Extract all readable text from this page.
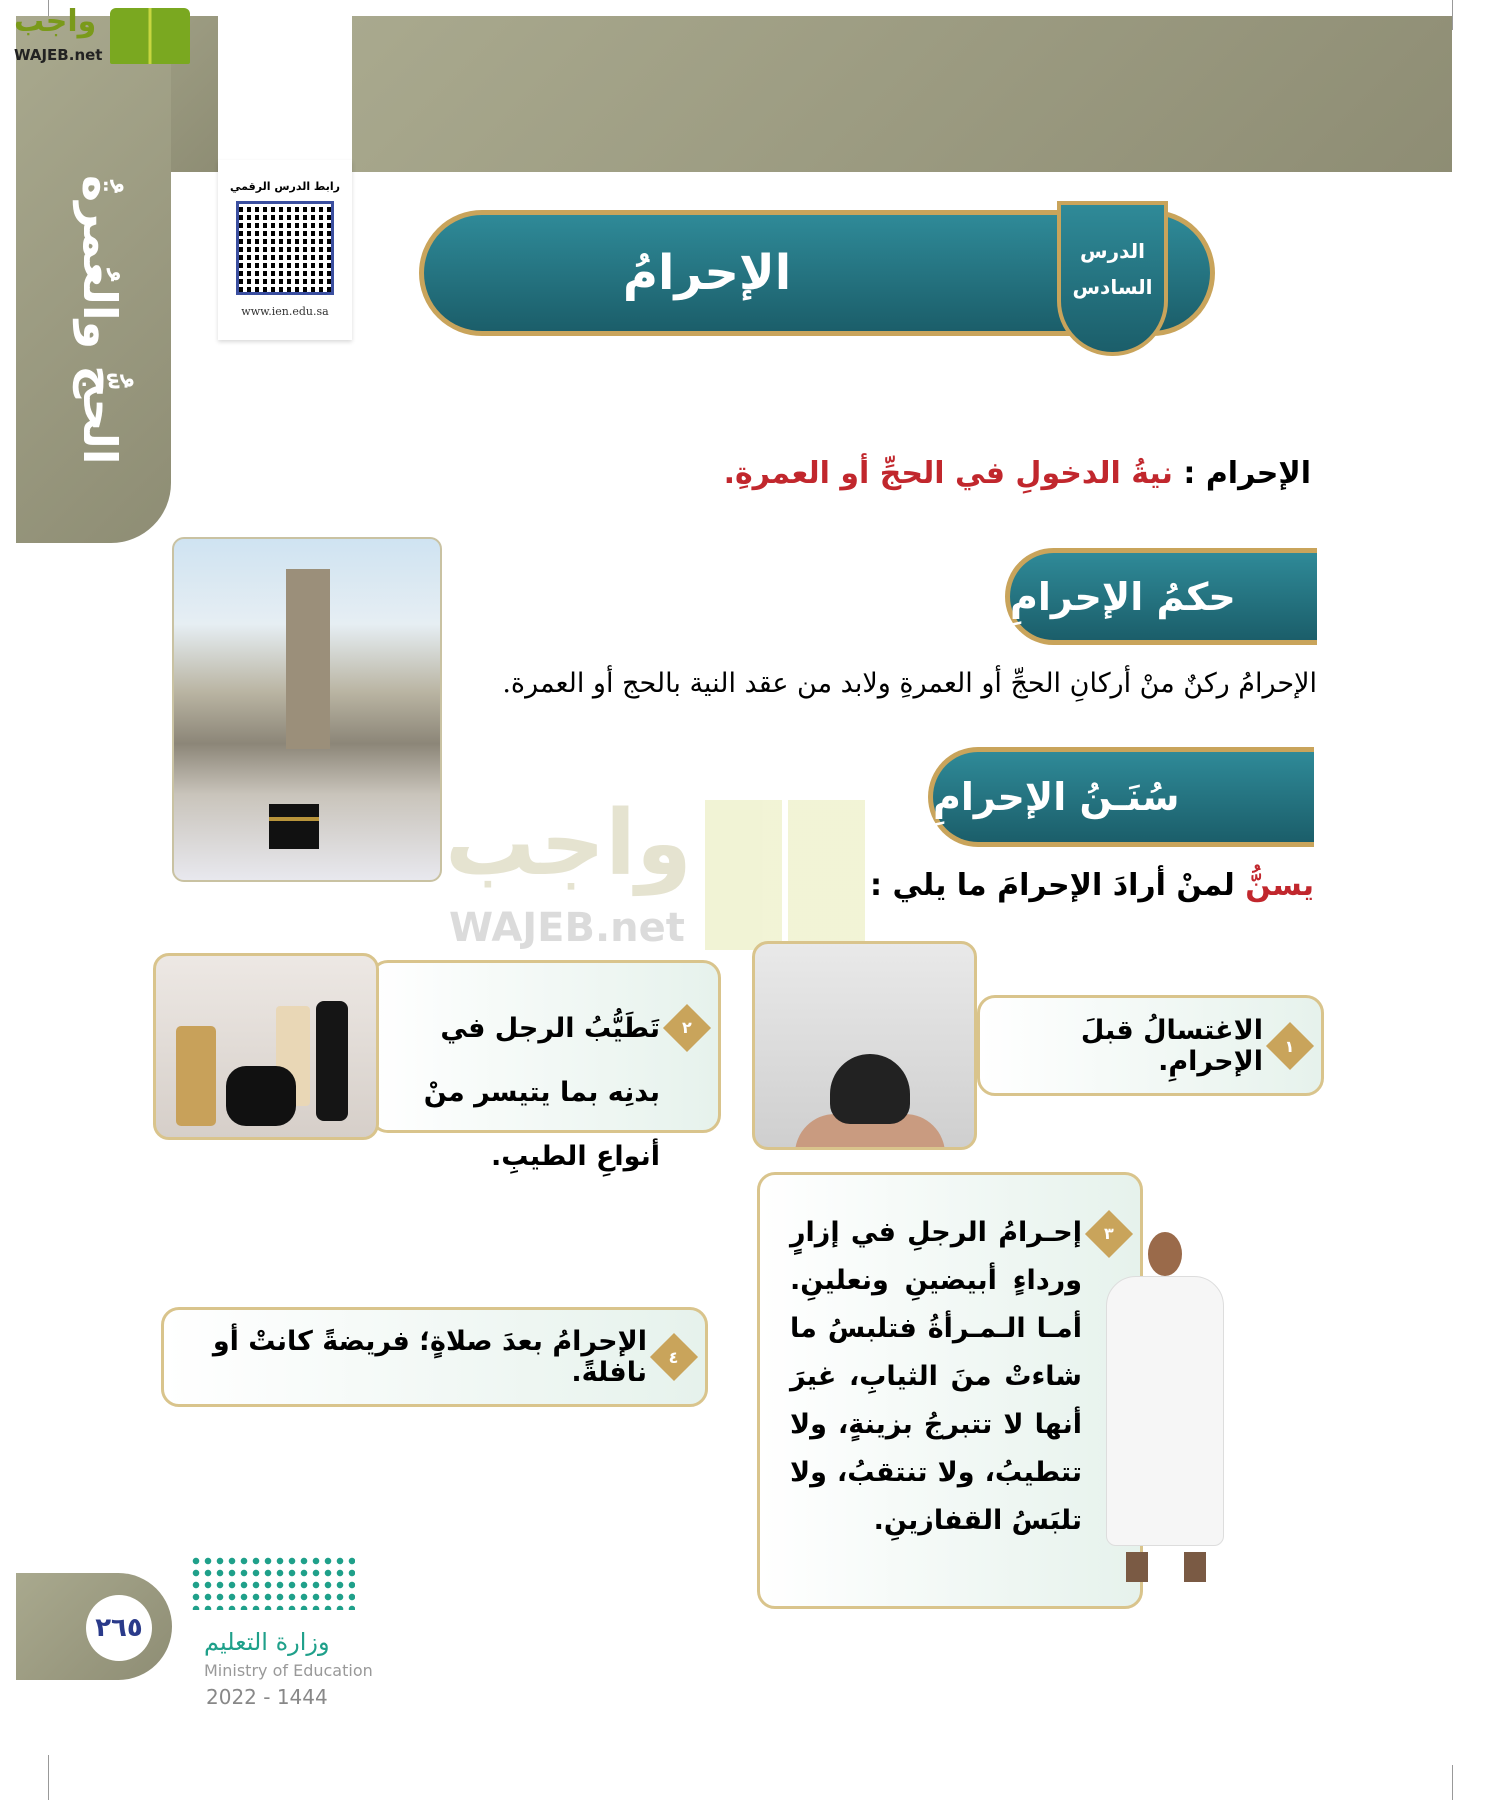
الحجُّ والعُمرةُ
واجب
WAJEB.net
رابط الدرس الرقمي
www.ien.edu.sa
الإحرامُ	الدرس
السادس
الإحرام : نيةُ الدخولِ في الحجِّ أو العمرةِ.
حكمُ الإحرامِ
الإحرامُ ركنٌ منْ أركانِ الحجِّ أو العمرةِ ولابد من عقد النية بالحج أو العمرة.
واجب
WAJEB.net
سُنَـنُ الإحرامِ
يسنُّ لمنْ أرادَ الإحرامَ ما يلي :
١
الاغتسالُ قبلَ الإحرامِ.
٢
تَطَيُّبُ الرجل في بدنِه بما يتيسر منْ أنواعِ الطيبِ.
٣
إحـرامُ الرجلِ في إزارٍ ورداءٍ أبيضينِ ونعلينِ. أمـا الـمـرأةُ فتلبسُ ما شاءتْ منَ الثيابِ، غيرَ أنها لا تتبرجُ بزينةٍ، ولا تتطيبُ، ولا تنتقبُ، ولا تلبَسُ القفازينِ.
٤
الإحرامُ بعدَ صلاةٍ؛ فريضةً كانتْ أو نافلةً.
٢٦٥	وزارة التعليم
Ministry of Education
2022 - 1444
